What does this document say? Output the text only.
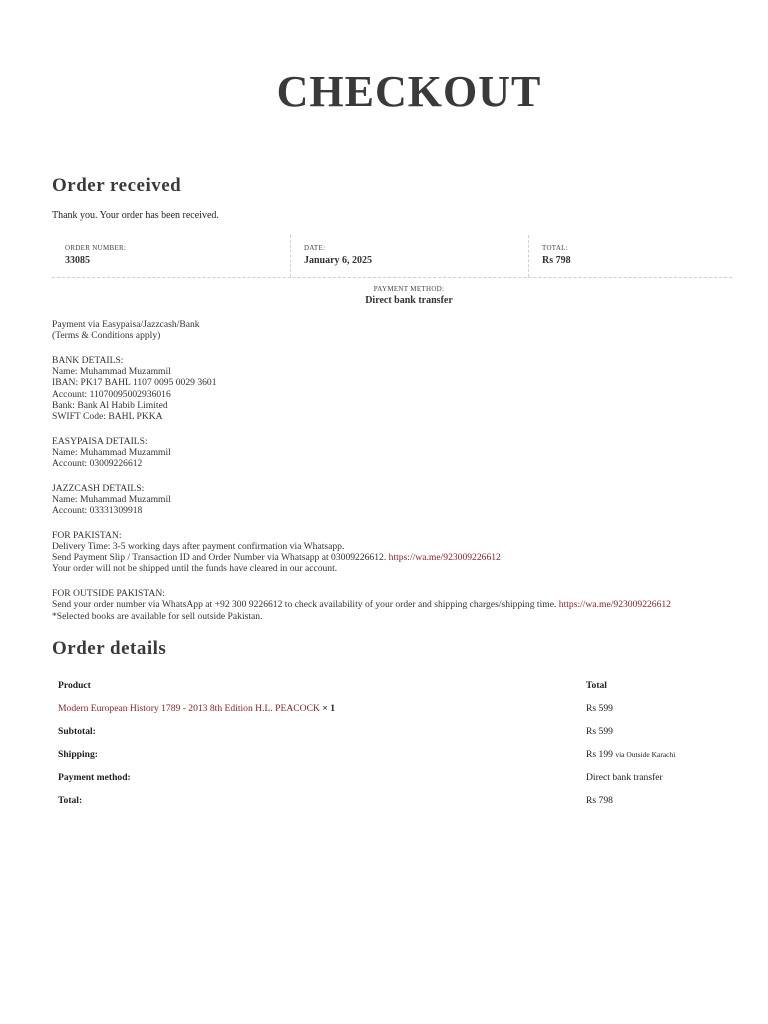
CHECKOUT
Order received
Thank you. Your order has been received.
ORDER NUMBER:
33085
DATE:
January 6, 2025
TOTAL:
Rs 798
PAYMENT METHOD:
Direct bank transfer

Payment via Easypaisa/Jazzcash/Bank
(Terms & Conditions apply)

BANK DETAILS:
Name: Muhammad Muzammil
IBAN: PK17 BAHL 1107 0095 0029 3601
Account: 11070095002936016
Bank: Bank Al Habib Limited
SWIFT Code: BAHL PKKA

EASYPAISA DETAILS:
Name: Muhammad Muzammil
Account: 03009226612

JAZZCASH DETAILS:
Name: Muhammad Muzammil
Account: 03331309918

FOR PAKISTAN:
Delivery Time: 3-5 working days after payment confirmation via Whatsapp.
Send Payment Slip / Transaction ID and Order Number via Whatsapp at 03009226612. https://wa.me/923009226612
Your order will not be shipped until the funds have cleared in our account.

FOR OUTSIDE PAKISTAN:
Send your order number via WhatsApp at +92 300 9226612 to check availability of your order and shipping charges/shipping time. https://wa.me/923009226612
*Selected books are available for sell outside Pakistan.

Order details
Product	Total
Modern European History 1789 - 2013 8th Edition H.L. PEACOCK × 1	Rs 599
Subtotal:	Rs 599
Shipping:	Rs 199 via Outside Karachi
Payment method:	Direct bank transfer
Total:	Rs 798
